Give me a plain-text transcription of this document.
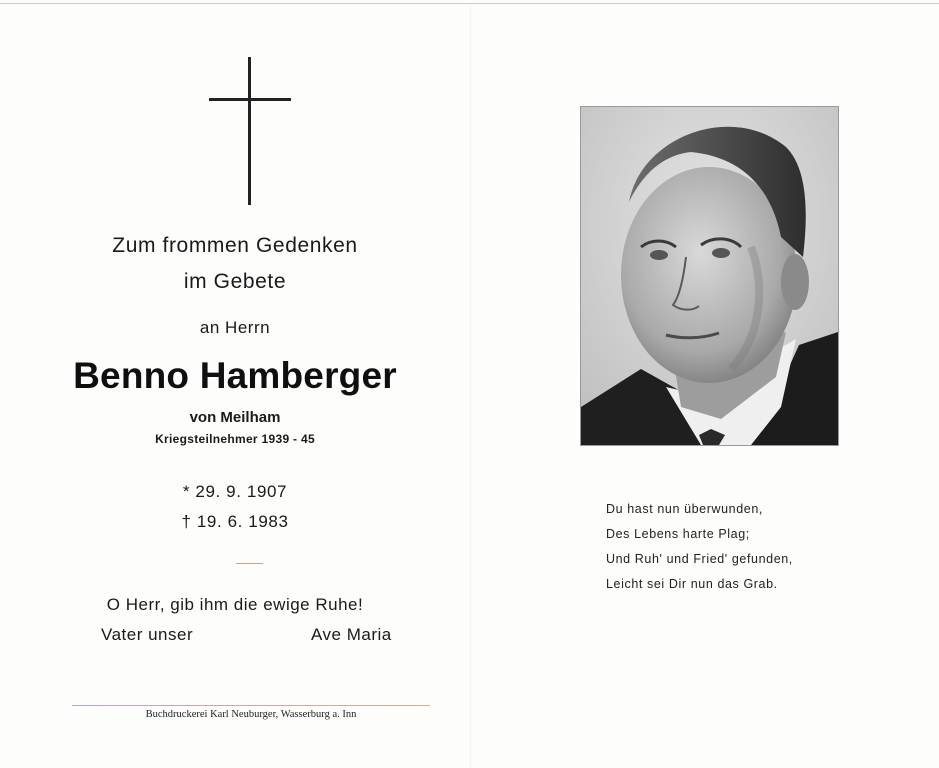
Zum frommen Gedenken
im Gebete
an Herrn
Benno Hamberger
von Meilham
Kriegsteilnehmer 1939 - 45
* 29. 9. 1907
† 19. 6. 1983
O Herr, gib ihm die ewige Ruhe!
Vater unser	Ave Maria
Buchdruckerei Karl Neuburger, Wasserburg a. Inn
Du hast nun überwunden,
Des Lebens harte Plag;
Und Ruh' und Fried' gefunden,
Leicht sei Dir nun das Grab.
